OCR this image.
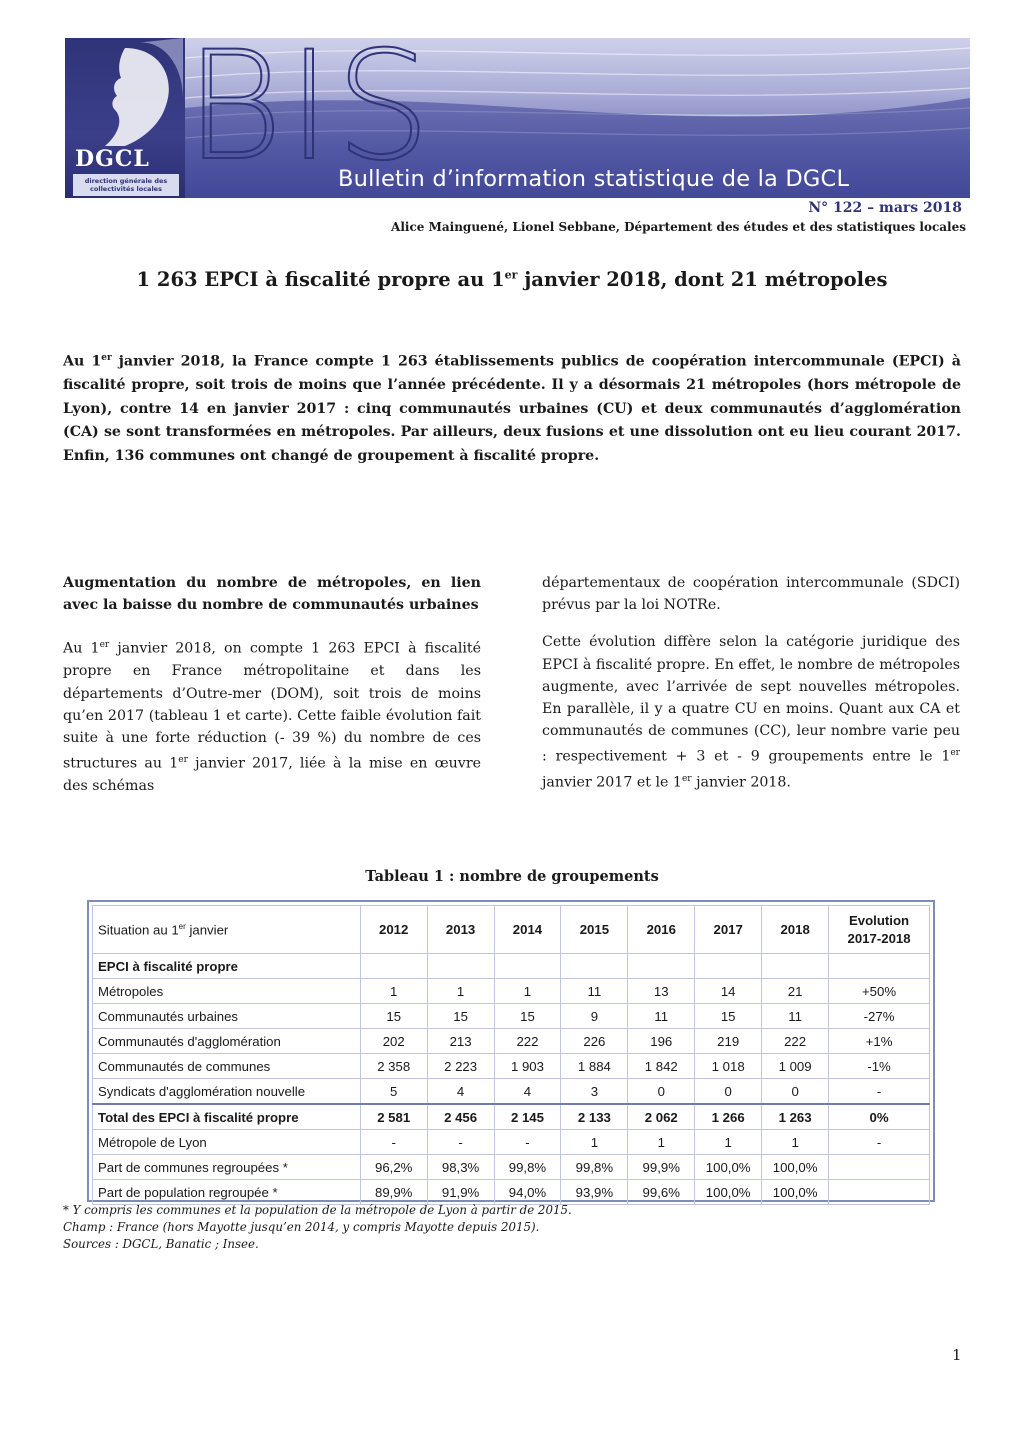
DGCL
direction générale des collectivités locales BIS
Bulletin d’information statistique de la DGCL
N° 122 – mars 2018
Alice Mainguené, Lionel Sebbane, Département des études et des statistiques locales
1 263 EPCI à fiscalité propre au 1er janvier 2018, dont 21 métropoles

Au 1er janvier 2018, la France compte 1 263 établissements publics de coopération intercommunale (EPCI) à fiscalité propre, soit trois de moins que l’année précédente. Il y a désormais 21 métropoles (hors métropole de Lyon), contre 14 en janvier 2017 : cinq communautés urbaines (CU) et deux communautés d’agglomération (CA) se sont transformées en métropoles. Par ailleurs, deux fusions et une dissolution ont eu lieu courant 2017. Enfin, 136 communes ont changé de groupement à fiscalité propre.

Augmentation du nombre de métropoles, en lien avec la baisse du nombre de communautés urbaines

Au 1er janvier 2018, on compte 1 263 EPCI à fiscalité propre en France métropolitaine et dans les départements d’Outre-mer (DOM), soit trois de moins qu’en 2017 (tableau 1 et carte). Cette faible évolution fait suite à une forte réduction (- 39 %) du nombre de ces structures au 1er janvier 2017, liée à la mise en œuvre des schémas

départementaux de coopération intercommunale (SDCI) prévus par la loi NOTRe.

Cette évolution diffère selon la catégorie juridique des EPCI à fiscalité propre. En effet, le nombre de métropoles augmente, avec l’arrivée de sept nouvelles métropoles. En parallèle, il y a quatre CU en moins. Quant aux CA et communautés de communes (CC), leur nombre varie peu : respectivement + 3 et - 9 groupements entre le 1er janvier 2017 et le 1er janvier 2018.

Tableau 1 : nombre de groupements
Situation au 1er janvier	2012	2013	2014	2015	2016	2017	2018	Evolution 2017-2018
EPCI à fiscalité propre								
Métropoles	1	1	1	11	13	14	21	+50%
Communautés urbaines	15	15	15	9	11	15	11	-27%
Communautés d'agglomération	202	213	222	226	196	219	222	+1%
Communautés de communes	2 358	2 223	1 903	1 884	1 842	1 018	1 009	-1%
Syndicats d'agglomération nouvelle	5	4	4	3	0	0	0	-
Total des EPCI à fiscalité propre	2 581	2 456	2 145	2 133	2 062	1 266	1 263	0%
Métropole de Lyon	-	-	-	1	1	1	1	-
Part de communes regroupées *	96,2%	98,3%	99,8%	99,8%	99,9%	100,0%	100,0%	
Part de population regroupée *	89,9%	91,9%	94,0%	93,9%	99,6%	100,0%	100,0%	
* Y compris les communes et la population de la métropole de Lyon à partir de 2015.
Champ : France (hors Mayotte jusqu’en 2014, y compris Mayotte depuis 2015).
Sources : DGCL, Banatic ; Insee.
1
